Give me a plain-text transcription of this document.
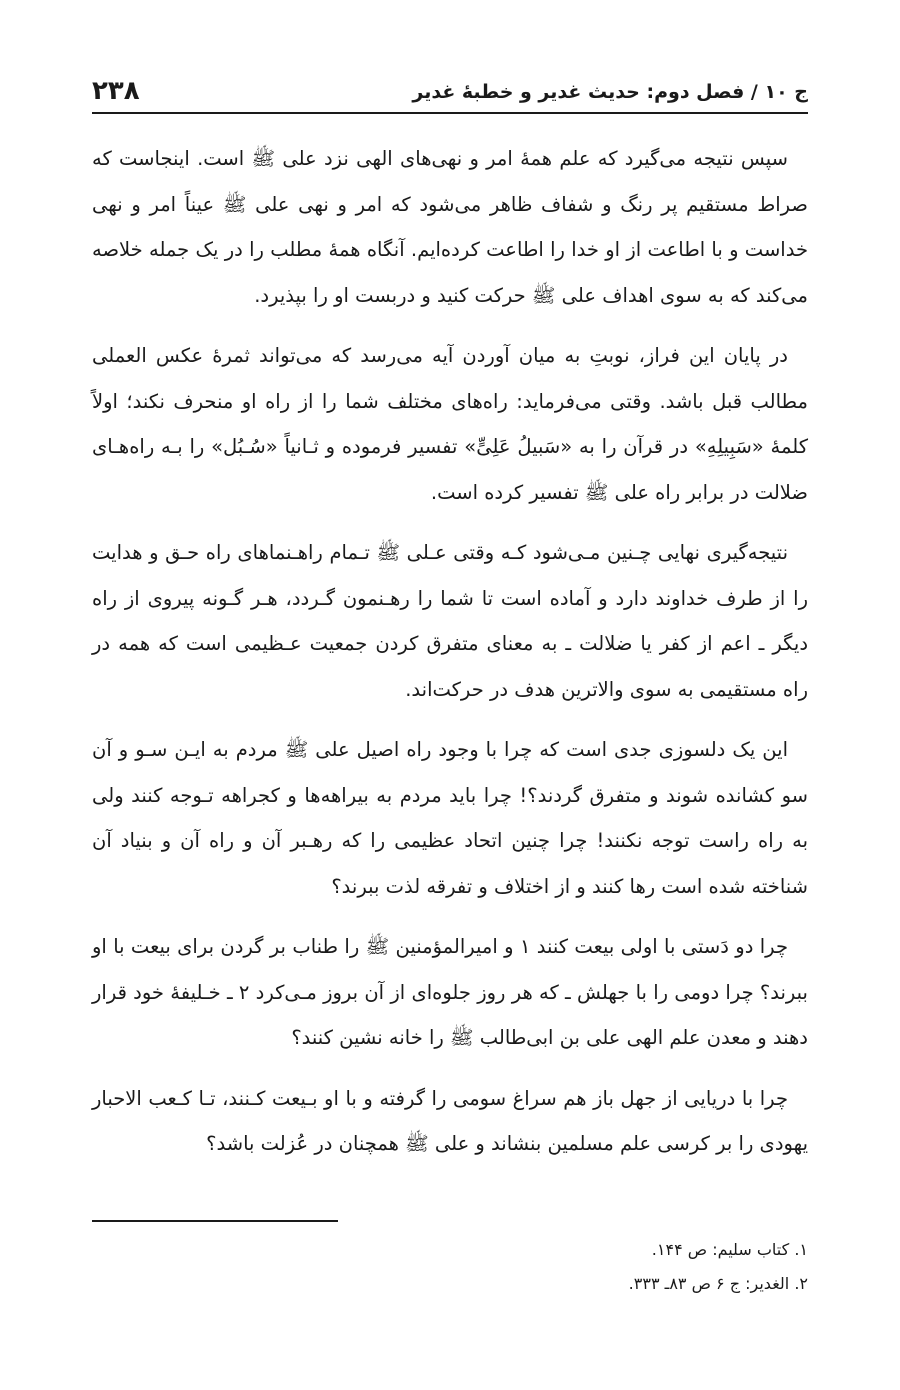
ج ۱۰ / فصل دوم: حدیث غدیر و خطبهٔ غدیر
۲۳۸

سپس نتیجه می‌گیرد که علم همهٔ امر و نهی‌های الهی نزد علی ﷺ است. اینجاست که صراط مستقیم پر رنگ و شفاف ظاهر می‌شود که امر و نهی علی ﷺ عیناً امر و نهی خداست و با اطاعت از او خدا را اطاعت کرده‌ایم. آنگاه همهٔ مطلب را در یک جمله خلاصه می‌کند که به سوی اهداف علی ﷺ حرکت کنید و دربست او را بپذیرد.

در پایان این فراز، نوبتِ به میان آوردن آیه می‌رسد که می‌تواند ثمرهٔ عکس العملی مطالب قبل باشد. وقتی می‌فرماید: راه‌های مختلف شما را از راه او منحرف نکند؛ اولاً کلمهٔ «سَبِیلِهِ» در قرآن را به «سَبیلُ عَلِیٍّ» تفسیر فرموده و ثـانیاً «سُـبُل» را بـه راه‌هـای ضلالت در برابر راه علی ﷺ تفسیر کرده است.

نتیجه‌گیری نهایی چـنین مـی‌شود کـه وقتی عـلی ﷺ تـمام راهـنماهای راه حـق و هدایت را از طرف خداوند دارد و آماده است تا شما را رهـنمون گـردد، هـر گـونه پیروی از راه دیگر ـ اعم از کفر یا ضلالت ـ به معنای متفرق کردن جمعیت عـظیمی است که همه در راه مستقیمی به سوی والاترین هدف در حرکت‌اند.

این یک دلسوزی جدی است که چرا با وجود راه اصیل علی ﷺ مردم به ایـن سـو و آن سو کشانده شوند و متفرق گردند؟! چرا باید مردم به بیراهه‌ها و کجراهه تـوجه کنند ولی به راه راست توجه نکنند! چرا چنین اتحاد عظیمی را که رهـبر آن و راه آن و بنیاد آن شناخته شده است رها کنند و از اختلاف و تفرقه لذت ببرند؟

چرا دو دَستی با اولی بیعت کنند ۱ و امیرالمؤمنین ﷺ را طناب بر گردن برای بیعت با او ببرند؟ چرا دومی را با جهلش ـ که هر روز جلوه‌ای از آن بروز مـی‌کرد ۲ ـ خـلیفهٔ خود قرار دهند و معدن علم الهی علی بن ابی‌طالب ﷺ را خانه نشین کنند؟

چرا با دریایی از جهل باز هم سراغ سومی را گرفته و با او بـیعت کـنند، تـا کـعب الاحبار یهودی را بر کرسی علم مسلمین بنشاند و علی ﷺ همچنان در عُزلت باشد؟

۱. کتاب سلیم: ص ۱۴۴.
۲. الغدیر: ج ۶ ص ۸۳ـ ۳۳۳.
